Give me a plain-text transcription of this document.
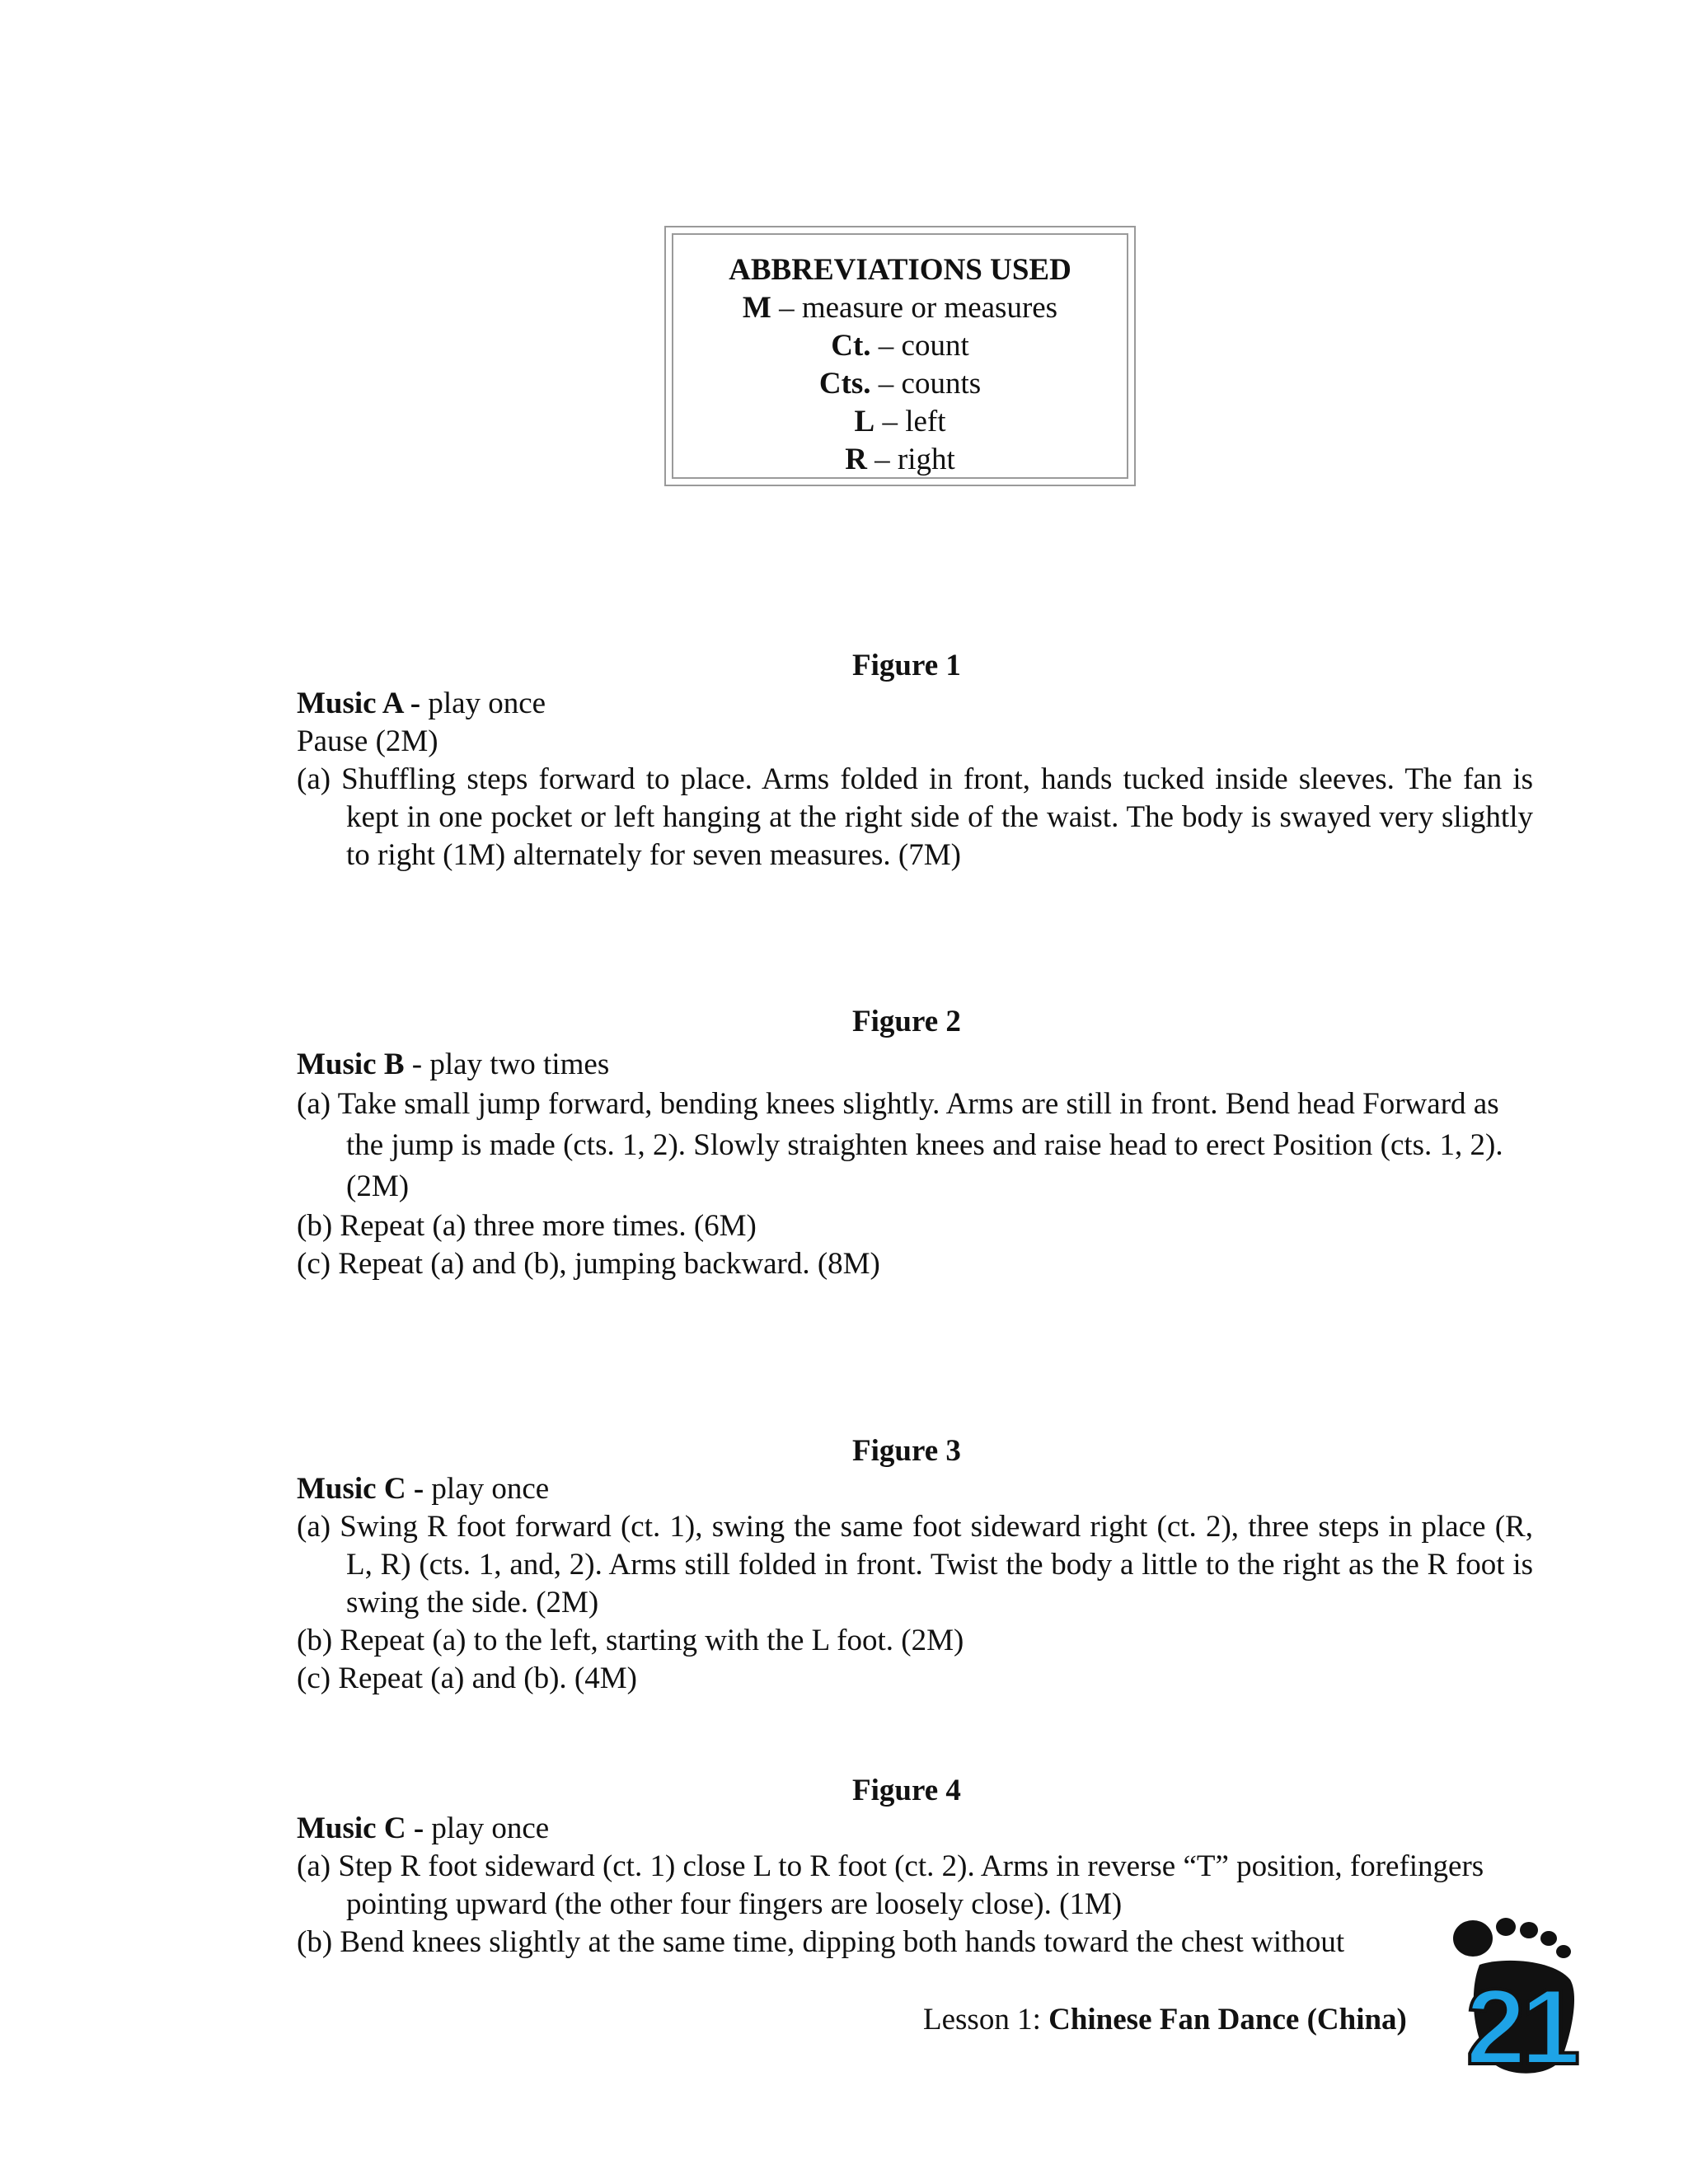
ABBREVIATIONS USED
M – measure or measures
Ct. – count
Cts. – counts
L – left
R – right
Figure 1

Music A - play once

Pause (2M)

(a) Shuffling steps forward to place. Arms folded in front, hands tucked inside sleeves. The fan is kept in one pocket or left hanging at the right side of the waist. The body is swayed very slightly to right (1M) alternately for seven measures. (7M)

Figure 2

Music B - play two times

(a) Take small jump forward, bending knees slightly. Arms are still in front. Bend head Forward as the jump is made (cts. 1, 2). Slowly straighten knees and raise head to erect Position (cts. 1, 2). (2M)

(b) Repeat (a) three more times. (6M)

(c) Repeat (a) and (b), jumping backward. (8M)

Figure 3

Music C - play once

(a) Swing R foot forward (ct. 1), swing the same foot sideward right (ct. 2), three steps in place (R, L, R) (cts. 1, and, 2). Arms still folded in front. Twist the body a little to the right as the R foot is swing the side. (2M)

(b) Repeat (a) to the left, starting with the L foot. (2M)

(c) Repeat (a) and (b). (4M)

Figure 4

Music C - play once

(a) Step R foot sideward (ct. 1) close L to R foot (ct. 2). Arms in reverse “T” position, forefingers pointing upward (the other four fingers are loosely close). (1M)

(b) Bend knees slightly at the same time, dipping both hands toward the chest without

Lesson 1: Chinese Fan Dance (China) 21
